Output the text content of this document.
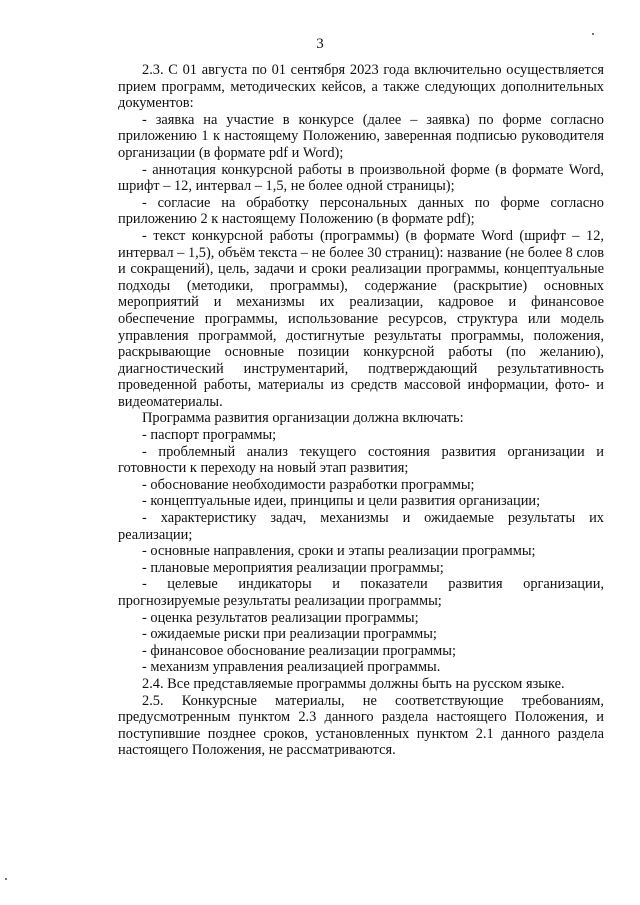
3

2.3. С 01 августа по 01 сентября 2023 года включительно осуществляется прием программ, методических кейсов, а также следующих дополнительных документов:

- заявка на участие в конкурсе (далее – заявка) по форме согласно приложению 1 к настоящему Положению, заверенная подписью руководителя организации (в формате pdf и Word);

- аннотация конкурсной работы в произвольной форме (в формате Word, шрифт – 12, интервал – 1,5, не более одной страницы);

- согласие на обработку персональных данных по форме согласно приложению 2 к настоящему Положению (в формате pdf);

- текст конкурсной работы (программы) (в формате Word (шрифт – 12, интервал – 1,5), объём текста – не более 30 страниц): название (не более 8 слов и сокращений), цель, задачи и сроки реализации программы, концептуальные подходы (методики, программы), содержание (раскрытие) основных мероприятий и механизмы их реализации, кадровое и финансовое обеспечение программы, использование ресурсов, структура или модель управления программой, достигнутые результаты программы, положения, раскрывающие основные позиции конкурсной работы (по желанию), диагностический инструментарий, подтверждающий результативность проведенной работы, материалы из средств массовой информации, фото- и видеоматериалы.

Программа развития организации должна включать:

- паспорт программы;

- проблемный анализ текущего состояния развития организации и готовности к переходу на новый этап развития;

- обоснование необходимости разработки программы;

- концептуальные идеи, принципы и цели развития организации;

- характеристику задач, механизмы и ожидаемые результаты их реализации;

- основные направления, сроки и этапы реализации программы;

- плановые мероприятия реализации программы;

- целевые индикаторы и показатели развития организации, прогнозируемые результаты реализации программы;

- оценка результатов реализации программы;

- ожидаемые риски при реализации программы;

- финансовое обоснование реализации программы;

- механизм управления реализацией программы.

2.4. Все представляемые программы должны быть на русском языке.

2.5. Конкурсные материалы, не соответствующие требованиям, предусмотренным пунктом 2.3 данного раздела настоящего Положения, и поступившие позднее сроков, установленных пунктом 2.1 данного раздела настоящего Положения, не рассматриваются.
